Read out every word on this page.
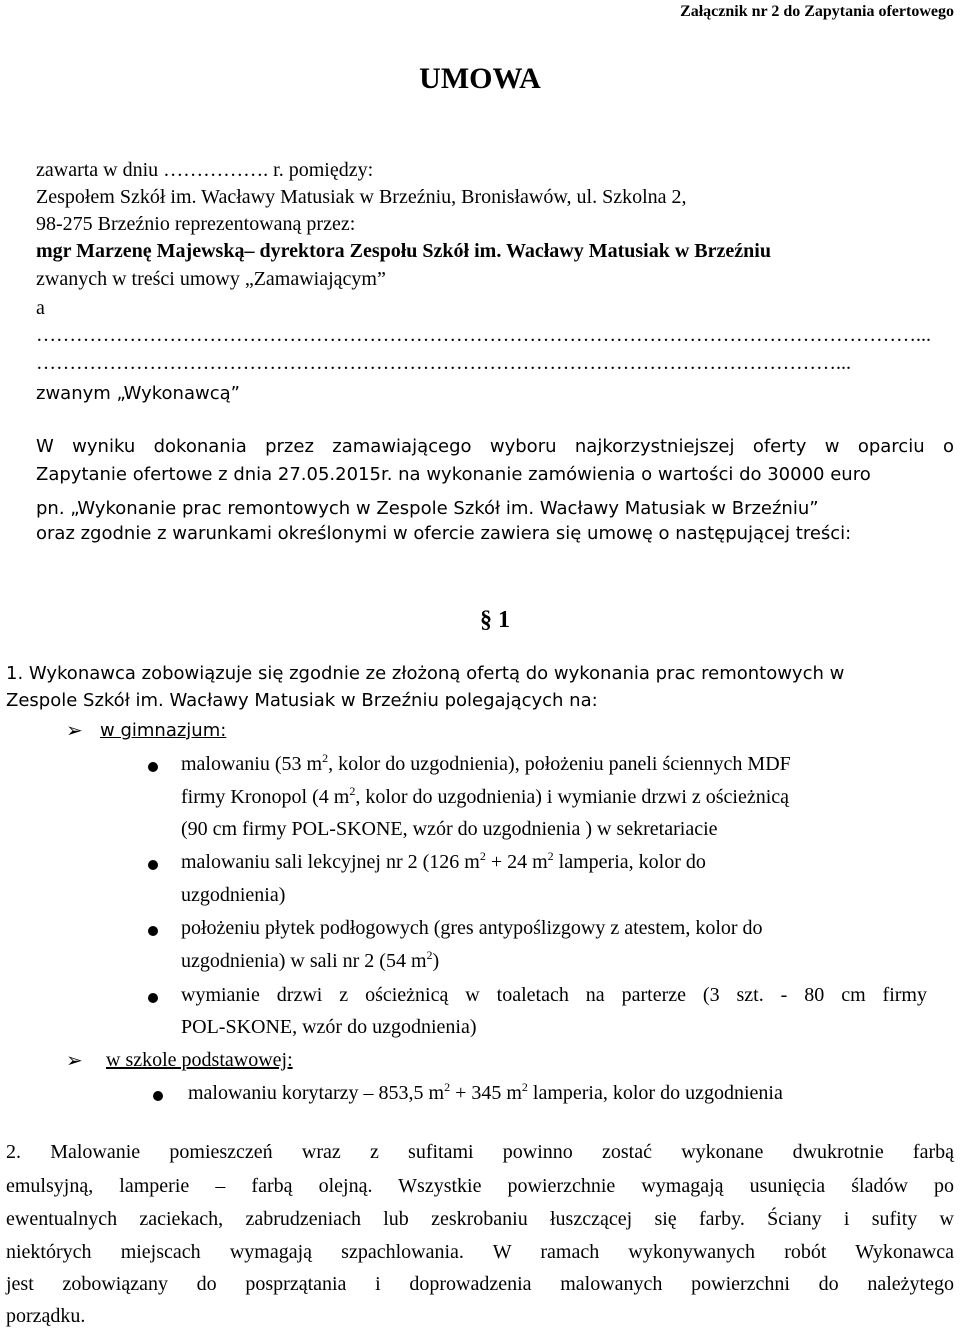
Załącznik nr 2 do Zapytania ofertowego
UMOWA
zawarta w dniu ……………. r. pomiędzy:
Zespołem Szkół im. Wacławy Matusiak w Brzeźniu, Bronisławów, ul. Szkolna 2,
98-275 Brzeźnio reprezentowaną przez:
mgr Marzenę Majewską– dyrektora Zespołu Szkół im. Wacławy Matusiak w Brzeźniu
zwanych w treści umowy „Zamawiającym”
a
……………………………………………………………………………………………………………………...
…………………………………………………………………………………………………………...
zwanym „Wykonawcą”
W wyniku dokonania przez zamawiającego wyboru najkorzystniejszej oferty w oparciu o
Zapytanie ofertowe z dnia 27.05.2015r. na wykonanie zamówienia o wartości do 30000 euro
pn. „Wykonanie prac remontowych w Zespole Szkół im. Wacławy Matusiak w Brzeźniu”
oraz zgodnie z warunkami określonymi w ofercie zawiera się umowę o następującej treści:
§ 1
1. Wykonawca zobowiązuje się zgodnie ze złożoną ofertą do wykonania prac remontowych w
Zespole Szkół im. Wacławy Matusiak w Brzeźniu polegających na:
➢ w gimnazjum:
malowaniu (53 $m^2$, kolor do uzgodnienia), położeniu paneli ściennych MDF
firmy Kronopol (4 $m^2$, kolor do uzgodnienia) i wymianie drzwi z ościeżnicą
(90 cm firmy POL-SKONE, wzór do uzgodnienia ) w sekretariacie
malowaniu sali lekcyjnej nr 2 (126 $m^2 + 24$ $m^2$ lamperia, kolor do
uzgodnienia)
położeniu płytek podłogowych (gres antypoślizgowy z atestem, kolor do
uzgodnienia) w sali nr 2 (54 $m^2$)
wymianie drzwi z ościeżnicą w toaletach na parterze (3 szt. - 80 cm firmy
POL-SKONE, wzór do uzgodnienia)
➢ w szkole podstawowej:
malowaniu korytarzy – 853,5 $m^2 + 345$ $m^2$ lamperia, kolor do uzgodnienia
2. Malowanie pomieszczeń wraz z sufitami powinno zostać wykonane dwukrotnie farbą
emulsyjną, lamperie – farbą olejną. Wszystkie powierzchnie wymagają usunięcia śladów po
ewentualnych zaciekach, zabrudzeniach lub zeskrobaniu łuszczącej się farby. Ściany i sufity w
niektórych miejscach wymagają szpachlowania. W ramach wykonywanych robót Wykonawca
jest zobowiązany do posprzątania i doprowadzenia malowanych powierzchni do należytego
porządku.
